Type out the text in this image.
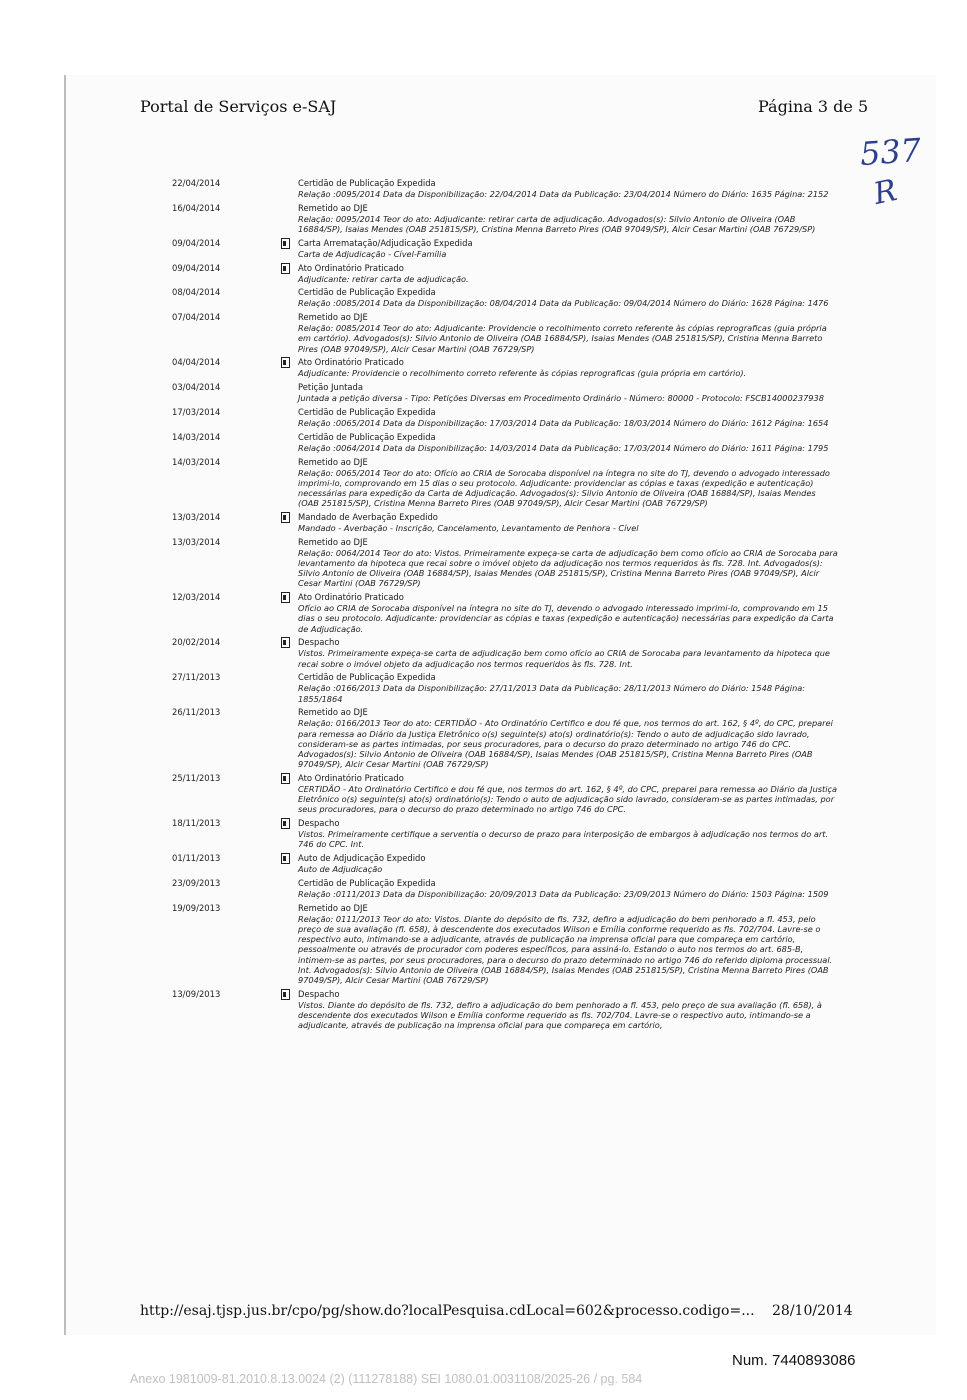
Portal de Serviços e-SAJ	Página 3 de 5
537
R
22/04/2014	Certidão de Publicação Expedida
Relação :0095/2014 Data da Disponibilização: 22/04/2014 Data da Publicação: 23/04/2014 Número do Diário: 1635 Página: 2152
16/04/2014	Remetido ao DJE
Relação: 0095/2014 Teor do ato: Adjudicante: retirar carta de adjudicação. Advogados(s): Silvio Antonio de Oliveira (OAB 16884/SP), Isaias Mendes (OAB 251815/SP), Cristina Menna Barreto Pires (OAB 97049/SP), Alcir Cesar Martini (OAB 76729/SP)
09/04/2014	Carta Arrematação/Adjudicação Expedida
Carta de Adjudicação - Cível-Família
09/04/2014	Ato Ordinatório Praticado
Adjudicante: retirar carta de adjudicação.
08/04/2014	Certidão de Publicação Expedida
Relação :0085/2014 Data da Disponibilização: 08/04/2014 Data da Publicação: 09/04/2014 Número do Diário: 1628 Página: 1476
07/04/2014	Remetido ao DJE
Relação: 0085/2014 Teor do ato: Adjudicante: Providencie o recolhimento correto referente às cópias reprograficas (guia própria em cartório). Advogados(s): Silvio Antonio de Oliveira (OAB 16884/SP), Isaias Mendes (OAB 251815/SP), Cristina Menna Barreto Pires (OAB 97049/SP), Alcir Cesar Martini (OAB 76729/SP)
04/04/2014	Ato Ordinatório Praticado
Adjudicante: Providencie o recolhimento correto referente às cópias reprograficas (guia própria em cartório).
03/04/2014	Petição Juntada
Juntada a petição diversa - Tipo: Petições Diversas em Procedimento Ordinário - Número: 80000 - Protocolo: FSCB14000237938
17/03/2014	Certidão de Publicação Expedida
Relação :0065/2014 Data da Disponibilização: 17/03/2014 Data da Publicação: 18/03/2014 Número do Diário: 1612 Página: 1654
14/03/2014	Certidão de Publicação Expedida
Relação :0064/2014 Data da Disponibilização: 14/03/2014 Data da Publicação: 17/03/2014 Número do Diário: 1611 Página: 1795
14/03/2014	Remetido ao DJE
Relação: 0065/2014 Teor do ato: Ofício ao CRIA de Sorocaba disponível na íntegra no site do TJ, devendo o advogado interessado imprimi-lo, comprovando em 15 dias o seu protocolo. Adjudicante: providenciar as cópias e taxas (expedição e autenticação) necessárias para expedição da Carta de Adjudicação. Advogados(s): Silvio Antonio de Oliveira (OAB 16884/SP), Isaias Mendes (OAB 251815/SP), Cristina Menna Barreto Pires (OAB 97049/SP), Alcir Cesar Martini (OAB 76729/SP)
13/03/2014	Mandado de Averbação Expedido
Mandado - Averbação - Inscrição, Cancelamento, Levantamento de Penhora - Cível
13/03/2014	Remetido ao DJE
Relação: 0064/2014 Teor do ato: Vistos. Primeiramente expeça-se carta de adjudicação bem como ofício ao CRIA de Sorocaba para levantamento da hipoteca que recai sobre o imóvel objeto da adjudicação nos termos requeridos às fls. 728. Int. Advogados(s): Silvio Antonio de Oliveira (OAB 16884/SP), Isaias Mendes (OAB 251815/SP), Cristina Menna Barreto Pires (OAB 97049/SP), Alcir Cesar Martini (OAB 76729/SP)
12/03/2014	Ato Ordinatório Praticado
Ofício ao CRIA de Sorocaba disponível na íntegra no site do TJ, devendo o advogado interessado imprimi-lo, comprovando em 15 dias o seu protocolo. Adjudicante: providenciar as cópias e taxas (expedição e autenticação) necessárias para expedição da Carta de Adjudicação.
20/02/2014	Despacho
Vistos. Primeiramente expeça-se carta de adjudicação bem como ofício ao CRIA de Sorocaba para levantamento da hipoteca que recai sobre o imóvel objeto da adjudicação nos termos requeridos às fls. 728. Int.
27/11/2013	Certidão de Publicação Expedida
Relação :0166/2013 Data da Disponibilização: 27/11/2013 Data da Publicação: 28/11/2013 Número do Diário: 1548 Página: 1855/1864
26/11/2013	Remetido ao DJE
Relação: 0166/2013 Teor do ato: CERTIDÃO - Ato Ordinatório Certifico e dou fé que, nos termos do art. 162, § 4º, do CPC, preparei para remessa ao Diário da Justiça Eletrônico o(s) seguinte(s) ato(s) ordinatório(s): Tendo o auto de adjudicação sido lavrado, consideram-se as partes intimadas, por seus procuradores, para o decurso do prazo determinado no artigo 746 do CPC. Advogados(s): Silvio Antonio de Oliveira (OAB 16884/SP), Isaias Mendes (OAB 251815/SP), Cristina Menna Barreto Pires (OAB 97049/SP), Alcir Cesar Martini (OAB 76729/SP)
25/11/2013	Ato Ordinatório Praticado
CERTIDÃO - Ato Ordinatório Certifico e dou fé que, nos termos do art. 162, § 4º, do CPC, preparei para remessa ao Diário da Justiça Eletrônico o(s) seguinte(s) ato(s) ordinatório(s): Tendo o auto de adjudicação sido lavrado, consideram-se as partes intimadas, por seus procuradores, para o decurso do prazo determinado no artigo 746 do CPC.
18/11/2013	Despacho
Vistos. Primeiramente certifique a serventia o decurso de prazo para interposição de embargos à adjudicação nos termos do art. 746 do CPC. Int.
01/11/2013	Auto de Adjudicação Expedido
Auto de Adjudicação
23/09/2013	Certidão de Publicação Expedida
Relação :0111/2013 Data da Disponibilização: 20/09/2013 Data da Publicação: 23/09/2013 Número do Diário: 1503 Página: 1509
19/09/2013	Remetido ao DJE
Relação: 0111/2013 Teor do ato: Vistos. Diante do depósito de fls. 732, defiro a adjudicação do bem penhorado a fl. 453, pelo preço de sua avaliação (fl. 658), à descendente dos executados Wilson e Emília conforme requerido as fls. 702/704. Lavre-se o respectivo auto, intimando-se a adjudicante, através de publicação na imprensa oficial para que compareça em cartório, pessoalmente ou através de procurador com poderes específicos, para assiná-lo. Estando o auto nos termos do art. 685-B, intimem-se as partes, por seus procuradores, para o decurso do prazo determinado no artigo 746 do referido diploma processual. Int. Advogados(s): Silvio Antonio de Oliveira (OAB 16884/SP), Isaias Mendes (OAB 251815/SP), Cristina Menna Barreto Pires (OAB 97049/SP), Alcir Cesar Martini (OAB 76729/SP)
13/09/2013	Despacho
Vistos. Diante do depósito de fls. 732, defiro a adjudicação do bem penhorado a fl. 453, pelo preço de sua avaliação (fl. 658), à descendente dos executados Wilson e Emília conforme requerido as fls. 702/704. Lavre-se o respectivo auto, intimando-se a adjudicante, através de publicação na imprensa oficial para que compareça em cartório,
http://esaj.tjsp.jus.br/cpo/pg/show.do?localPesquisa.cdLocal=602&processo.codigo=... 28/10/2014
Num. 7440893086
Anexo 1981009-81.2010.8.13.0024 (2) (111278188) SEI 1080.01.0031108/2025-26 / pg. 584
